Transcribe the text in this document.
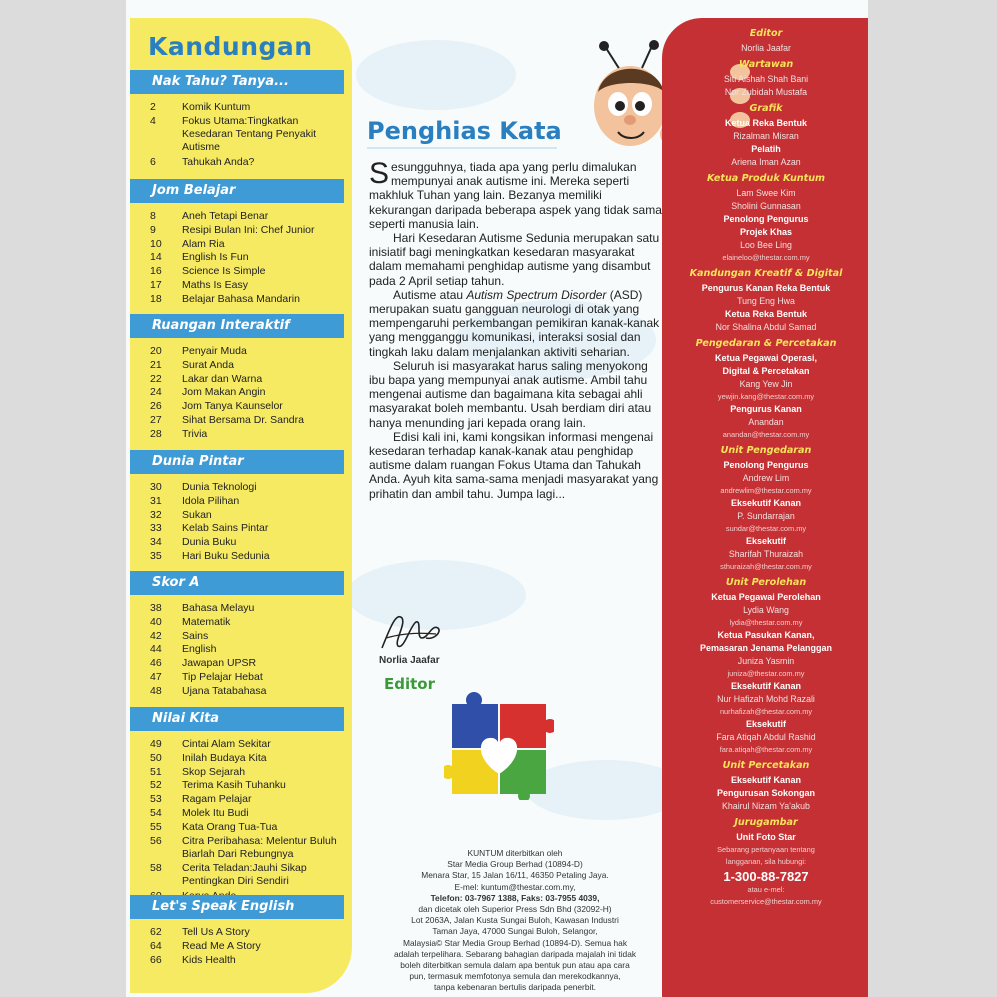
Kandungan
Nak Tahu? Tanya...
2	Komik Kuntum
4	Fokus Utama:Tingkatkan Kesedaran Tentang Penyakit Autisme
6	Tahukah Anda?
Jom Belajar
8	Aneh Tetapi Benar
9	Resipi Bulan Ini: Chef Junior
10	Alam Ria
14	English Is Fun
16	Science Is Simple
17	Maths Is Easy
18	Belajar Bahasa Mandarin
Ruangan Interaktif
20	Penyair Muda
21	Surat Anda
22	Lakar dan Warna
24	Jom Makan Angin
26	Jom Tanya Kaunselor
27	Sihat Bersama Dr. Sandra
28	Trivia
Dunia Pintar
30	Dunia Teknologi
31	Idola Pilihan
32	Sukan
33	Kelab Sains Pintar
34	Dunia Buku
35	Hari Buku Sedunia
Skor A
38	Bahasa Melayu
40	Matematik
42	Sains
44	English
46	Jawapan UPSR
47	Tip Pelajar Hebat
48	Ujana Tatabahasa
Nilai Kita
49	Cintai Alam Sekitar
50	Inilah Budaya Kita
51	Skop Sejarah
52	Terima Kasih Tuhanku
53	Ragam Pelajar
54	Molek Itu Budi
55	Kata Orang Tua-Tua
56	Citra Peribahasa: Melentur Buluh Biarlah Dari Rebungnya
58	Cerita Teladan:Jauhi Sikap Pentingkan Diri Sendiri
Let's Speak English
62	Tell Us A Story
64	Read Me A Story
66	Kids Health
Penghias Kata

Sesungguhnya, tiada apa yang perlu dimalukan mempunyai anak autisme ini. Mereka seperti makhluk Tuhan yang lain. Bezanya memiliki kekurangan daripada beberapa aspek yang tidak sama seperti manusia lain.

Hari Kesedaran Autisme Sedunia merupakan satu inisiatif bagi meningkatkan kesedaran masyarakat dalam memahami penghidap autisme yang disambut pada 2 April setiap tahun.

Autisme atau Autism Spectrum Disorder (ASD) merupakan suatu gangguan neurologi di otak yang mempengaruhi perkembangan pemikiran kanak-kanak yang mengganggu komunikasi, interaksi sosial dan tingkah laku dalam menjalankan aktiviti seharian.

Seluruh isi masyarakat harus saling menyokong ibu bapa yang mempunyai anak autisme. Ambil tahu mengenai autisme dan bagaimana kita sebagai ahli masyarakat boleh membantu. Usah berdiam diri atau hanya menunding jari kepada orang lain.

Edisi kali ini, kami kongsikan informasi mengenai kesedaran terhadap kanak-kanak atau penghidap autisme dalam ruangan Fokus Utama dan Tahukah Anda. Ayuh kita sama-sama menjadi masyarakat yang prihatin dan ambil tahu. Jumpa lagi...

Norlia Jaafar
Editor
KUNTUM diterbitkan oleh
Star Media Group Berhad (10894-D)
Menara Star, 15 Jalan 16/11, 46350 Petaling Jaya.
E-mel: kuntum@thestar.com.my,
Telefon: 03-7967 1388, Faks: 03-7955 4039,
dan dicetak oleh Superior Press Sdn Bhd (32092-H)
Lot 2063A, Jalan Kusta Sungai Buloh, Kawasan Industri
Taman Jaya, 47000 Sungai Buloh, Selangor,
Malaysia© Star Media Group Berhad (10894-D). Semua hak
adalah terpelihara. Sebarang bahagian daripada majalah ini tidak
boleh diterbitkan semula dalam apa bentuk pun atau apa cara
pun, termasuk memfotonya semula dan merekodkannya,
tanpa kebenaran bertulis daripada penerbit.
Editor
Norlia Jaafar
Wartawan
Siti Aishah Shah Bani
Nor Zubidah Mustafa
Grafik
Ketua Reka Bentuk
Rizalman Misran
Pelatih
Ariena Iman Azan
Ketua Produk Kuntum
Lam Swee Kim
Sholini Gunnasan
Penolong Pengurus
Projek Khas
Loo Bee Ling
elaineloo@thestar.com.my
Kandungan Kreatif & Digital
Pengurus Kanan Reka Bentuk
Tung Eng Hwa
Ketua Reka Bentuk
Nor Shalina Abdul Samad
Pengedaran & Percetakan
Ketua Pegawai Operasi,
Digital & Percetakan
Kang Yew Jin
yewjin.kang@thestar.com.my
Pengurus Kanan
Anandan
anandan@thestar.com.my
Unit Pengedaran
Penolong Pengurus
Andrew Lim
andrewlim@thestar.com.my
Eksekutif Kanan
P. Sundarrajan
sundar@thestar.com.my
Eksekutif
Sharifah Thuraizah
sthuraizah@thestar.com.my
Unit Perolehan
Ketua Pegawai Perolehan
Lydia Wang
lydia@thestar.com.my
Ketua Pasukan Kanan,
Pemasaran Jenama Pelanggan
Juniza Yasmin
juniza@thestar.com.my
Eksekutif Kanan
Nur Hafizah Mohd Razali
nurhafizah@thestar.com.my
Eksekutif
Fara Atiqah Abdul Rashid
fara.atiqah@thestar.com.my
Unit Percetakan
Eksekutif Kanan
Pengurusan Sokongan
Khairul Nizam Ya'akub
Jurugambar
Unit Foto Star
Sebarang pertanyaan tentang
langganan, sila hubungi:
1-300-88-7827
atau e-mel:
customerservice@thestar.com.my
